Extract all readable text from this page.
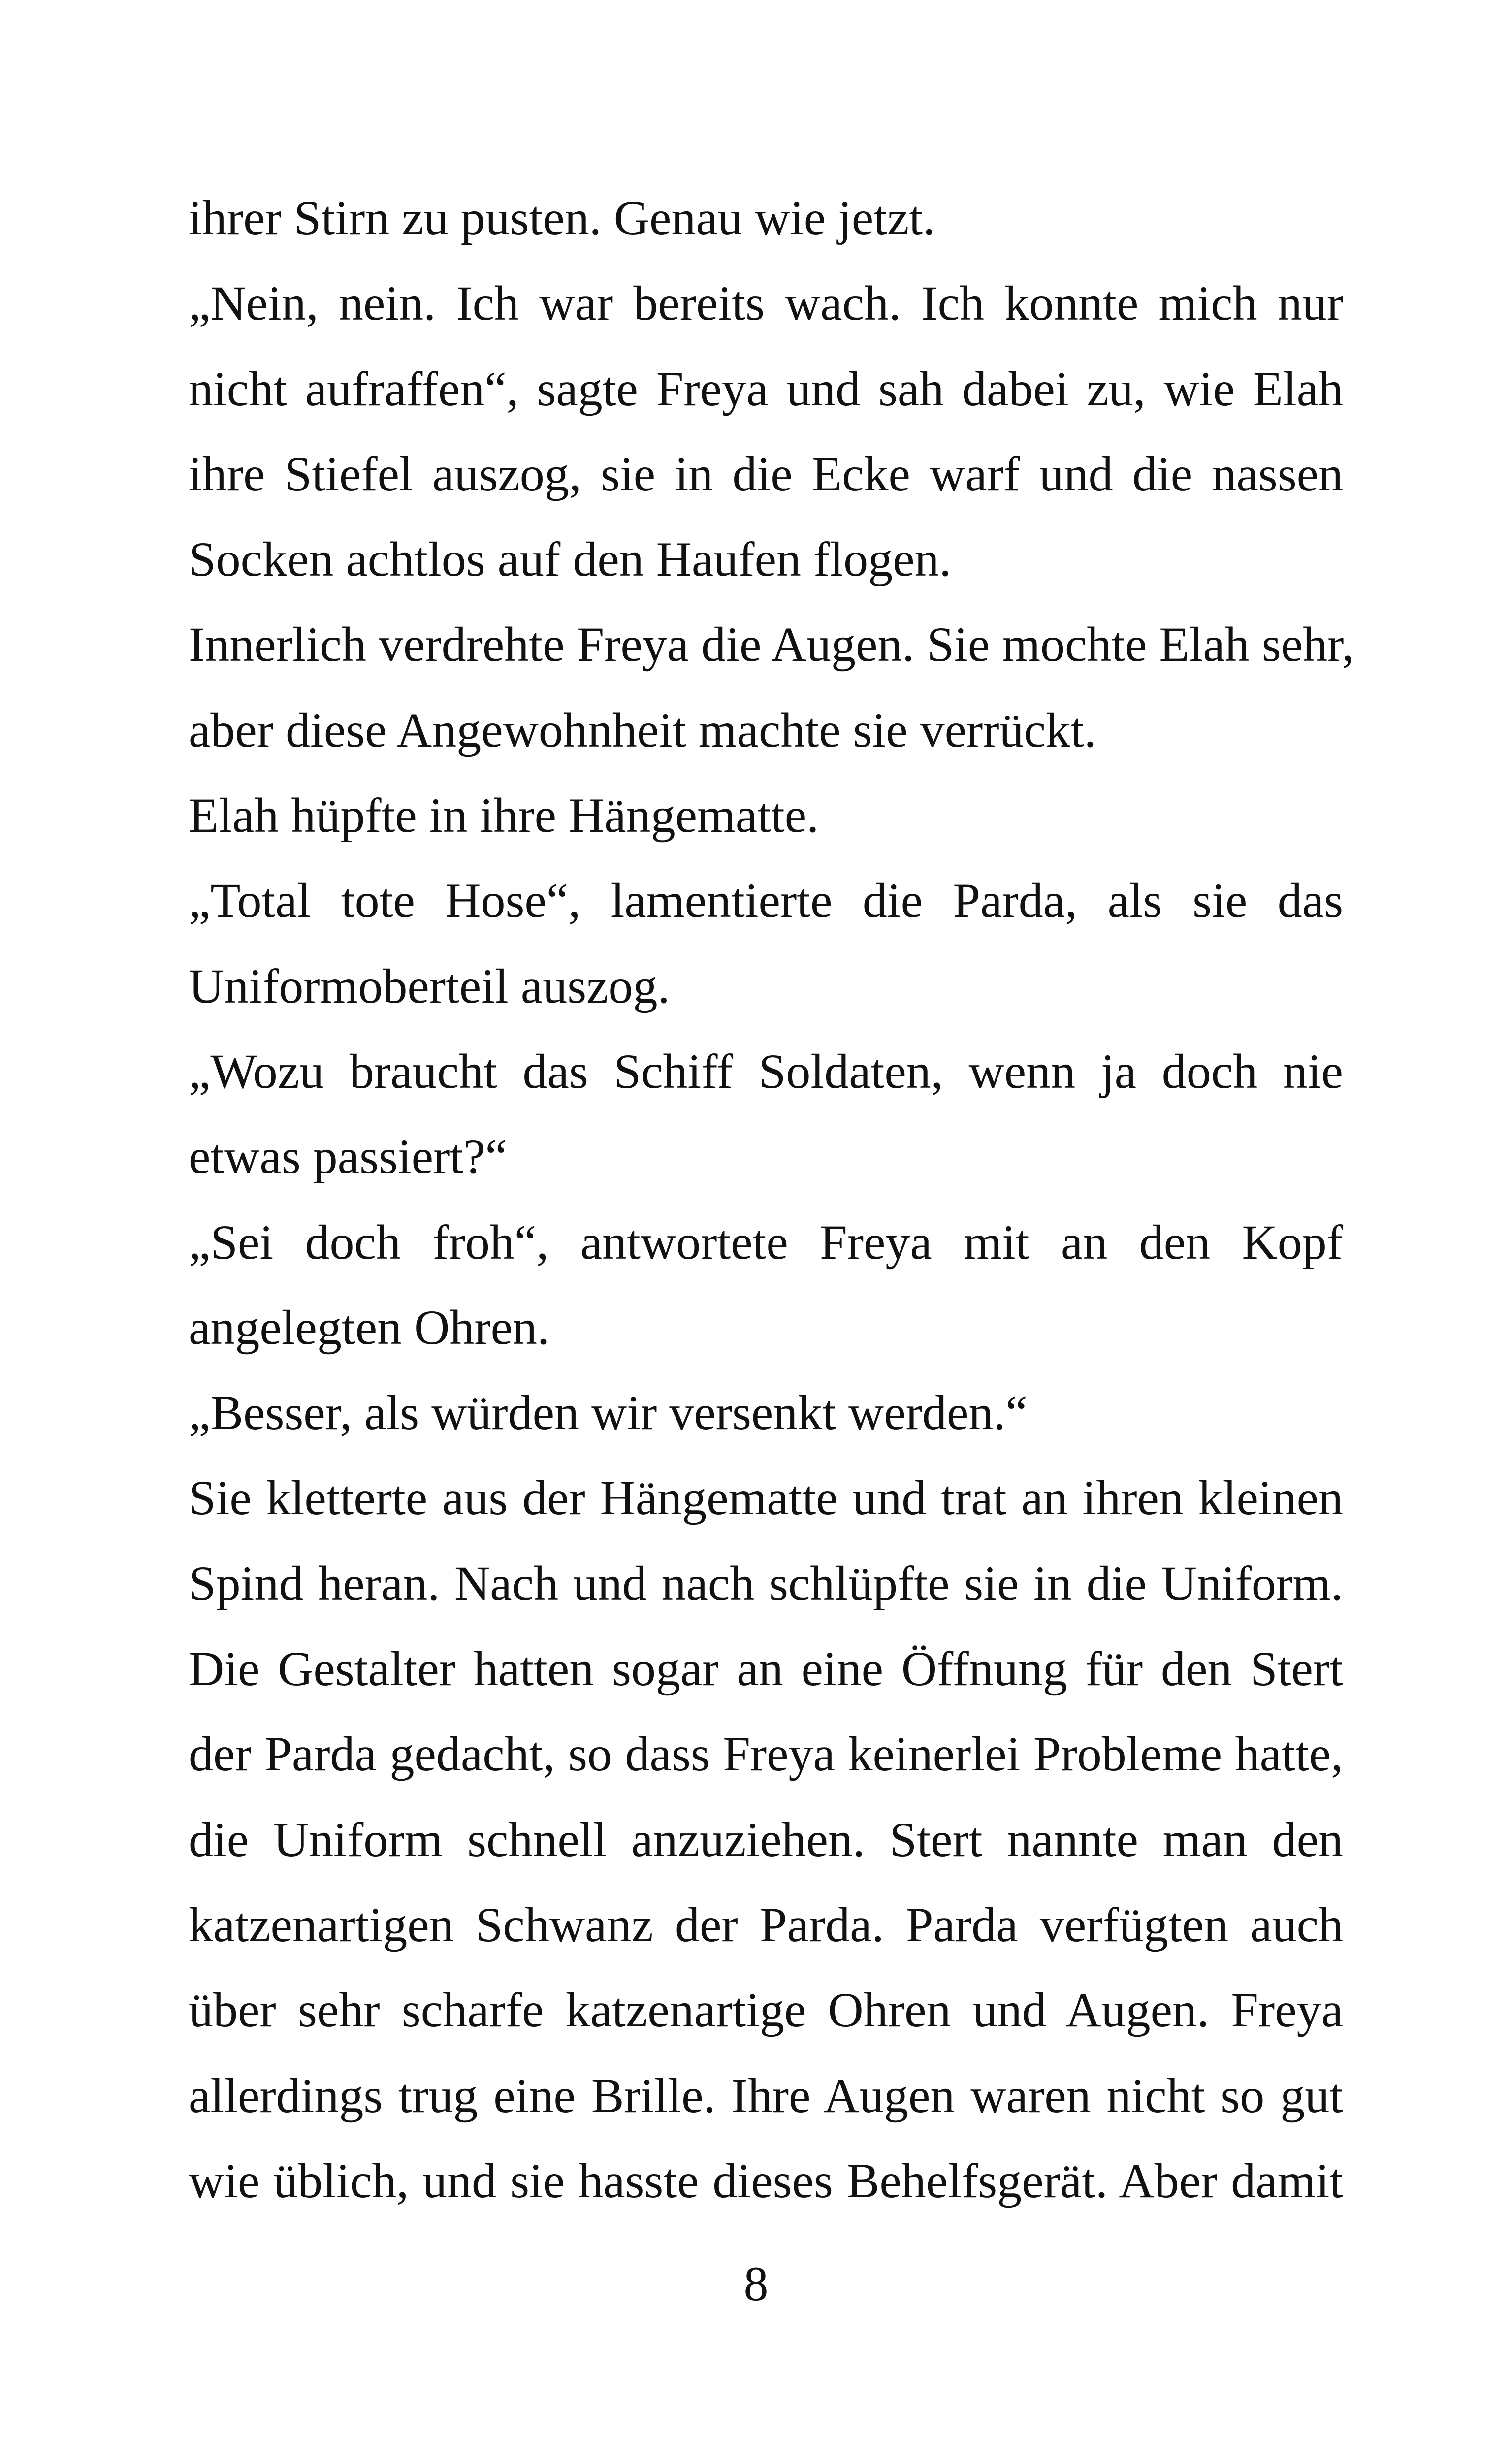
ihrer Stirn zu pusten. Genau wie jetzt.
„Nein, nein. Ich war bereits wach. Ich konnte mich nur
nicht aufraffen“, sagte Freya und sah dabei zu, wie Elah
ihre Stiefel auszog, sie in die Ecke warf und die nassen
Socken achtlos auf den Haufen flogen.
Innerlich verdrehte Freya die Augen. Sie mochte Elah sehr,
aber diese Angewohnheit machte sie verrückt.
Elah hüpfte in ihre Hängematte.
„Total tote Hose“, lamentierte die Parda, als sie das
Uniformoberteil auszog.
„Wozu braucht das Schiff Soldaten, wenn ja doch nie
etwas passiert?“
„Sei doch froh“, antwortete Freya mit an den Kopf
angelegten Ohren.
„Besser, als würden wir versenkt werden.“
Sie kletterte aus der Hängematte und trat an ihren kleinen
Spind heran. Nach und nach schlüpfte sie in die Uniform.
Die Gestalter hatten sogar an eine Öffnung für den Stert
der Parda gedacht, so dass Freya keinerlei Probleme hatte,
die Uniform schnell anzuziehen. Stert nannte man den
katzenartigen Schwanz der Parda. Parda verfügten auch
über sehr scharfe katzenartige Ohren und Augen. Freya
allerdings trug eine Brille. Ihre Augen waren nicht so gut
wie üblich, und sie hasste dieses Behelfsgerät. Aber damit
8
